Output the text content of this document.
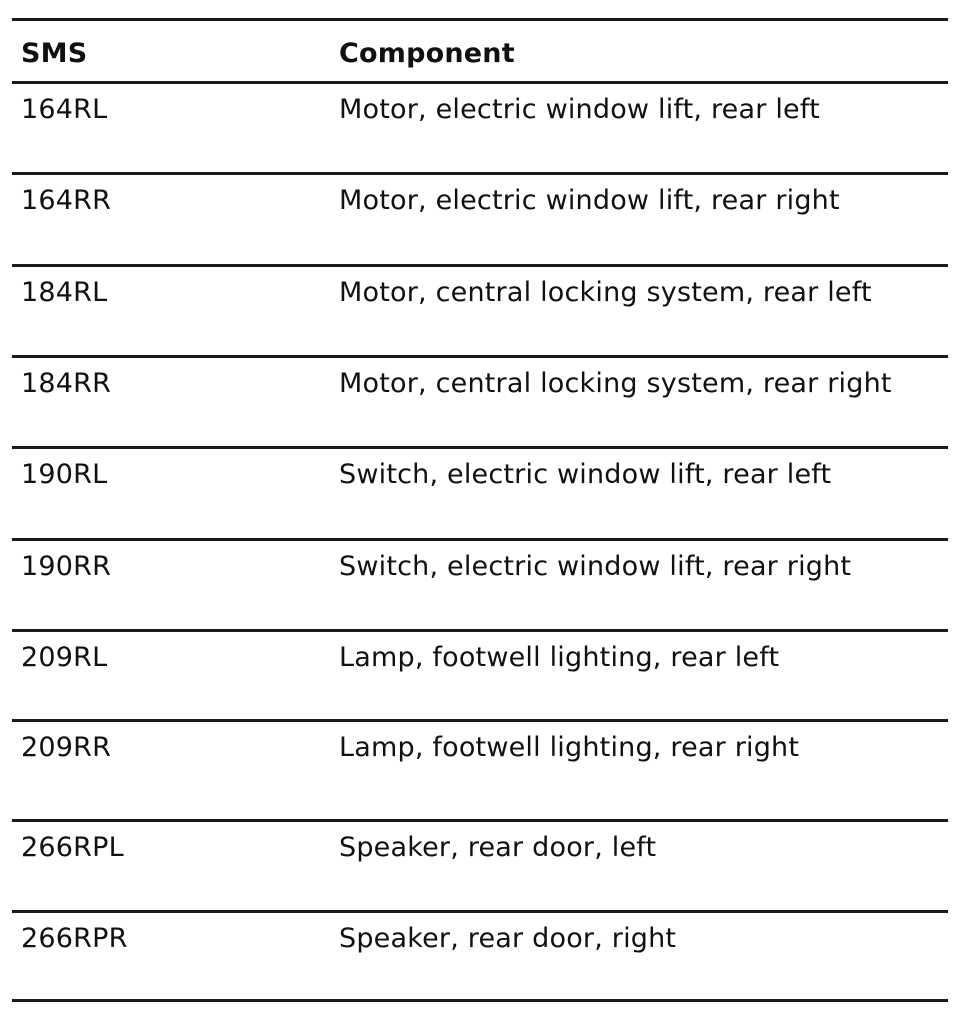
SMS	Component
164RL	Motor, electric window lift, rear left
164RR	Motor, electric window lift, rear right
184RL	Motor, central locking system, rear left
184RR	Motor, central locking system, rear right
190RL	Switch, electric window lift, rear left
190RR	Switch, electric window lift, rear right
209RL	Lamp, footwell lighting, rear left
209RR	Lamp, footwell lighting, rear right
266RPL	Speaker, rear door, left
266RPR	Speaker, rear door, right
